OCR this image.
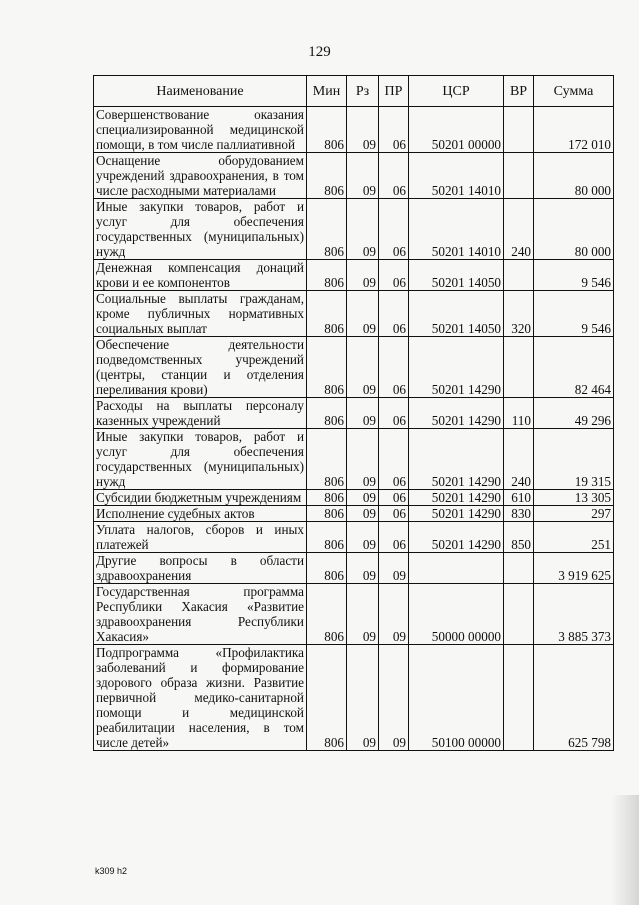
129
Наименование	Мин	Рз	ПР	ЦСР	ВР	Сумма
Совершенствование оказания специализированной медицинской помощи, в том числе паллиативной	806	09	06	50201 00000		172 010
Оснащение оборудованием учреждений здравоохранения, в том числе расходными материалами	806	09	06	50201 14010		80 000
Иные закупки товаров, работ и услуг для обеспечения государственных (муниципальных) нужд	806	09	06	50201 14010	240	80 000
Денежная компенсация донаций крови и ее компонентов	806	09	06	50201 14050		9 546
Социальные выплаты гражданам, кроме публичных нормативных социальных выплат	806	09	06	50201 14050	320	9 546
Обеспечение деятельности подведомственных учреждений (центры, станции и отделения переливания крови)	806	09	06	50201 14290		82 464
Расходы на выплаты персоналу казенных учреждений	806	09	06	50201 14290	110	49 296
Иные закупки товаров, работ и услуг для обеспечения государственных (муниципальных) нужд	806	09	06	50201 14290	240	19 315
Субсидии бюджетным учреждениям	806	09	06	50201 14290	610	13 305
Исполнение судебных актов	806	09	06	50201 14290	830	297
Уплата налогов, сборов и иных платежей	806	09	06	50201 14290	850	251
Другие вопросы в области здравоохранения	806	09	09			3 919 625
Государственная программа Республики Хакасия «Развитие здравоохранения Республики Хакасия»	806	09	09	50000 00000		3 885 373
Подпрограмма «Профилактика заболеваний и формирование здорового образа жизни. Развитие первичной медико-санитарной помощи и медицинской реабилитации населения, в том числе детей»	806	09	09	50100 00000		625 798
k309 h2
